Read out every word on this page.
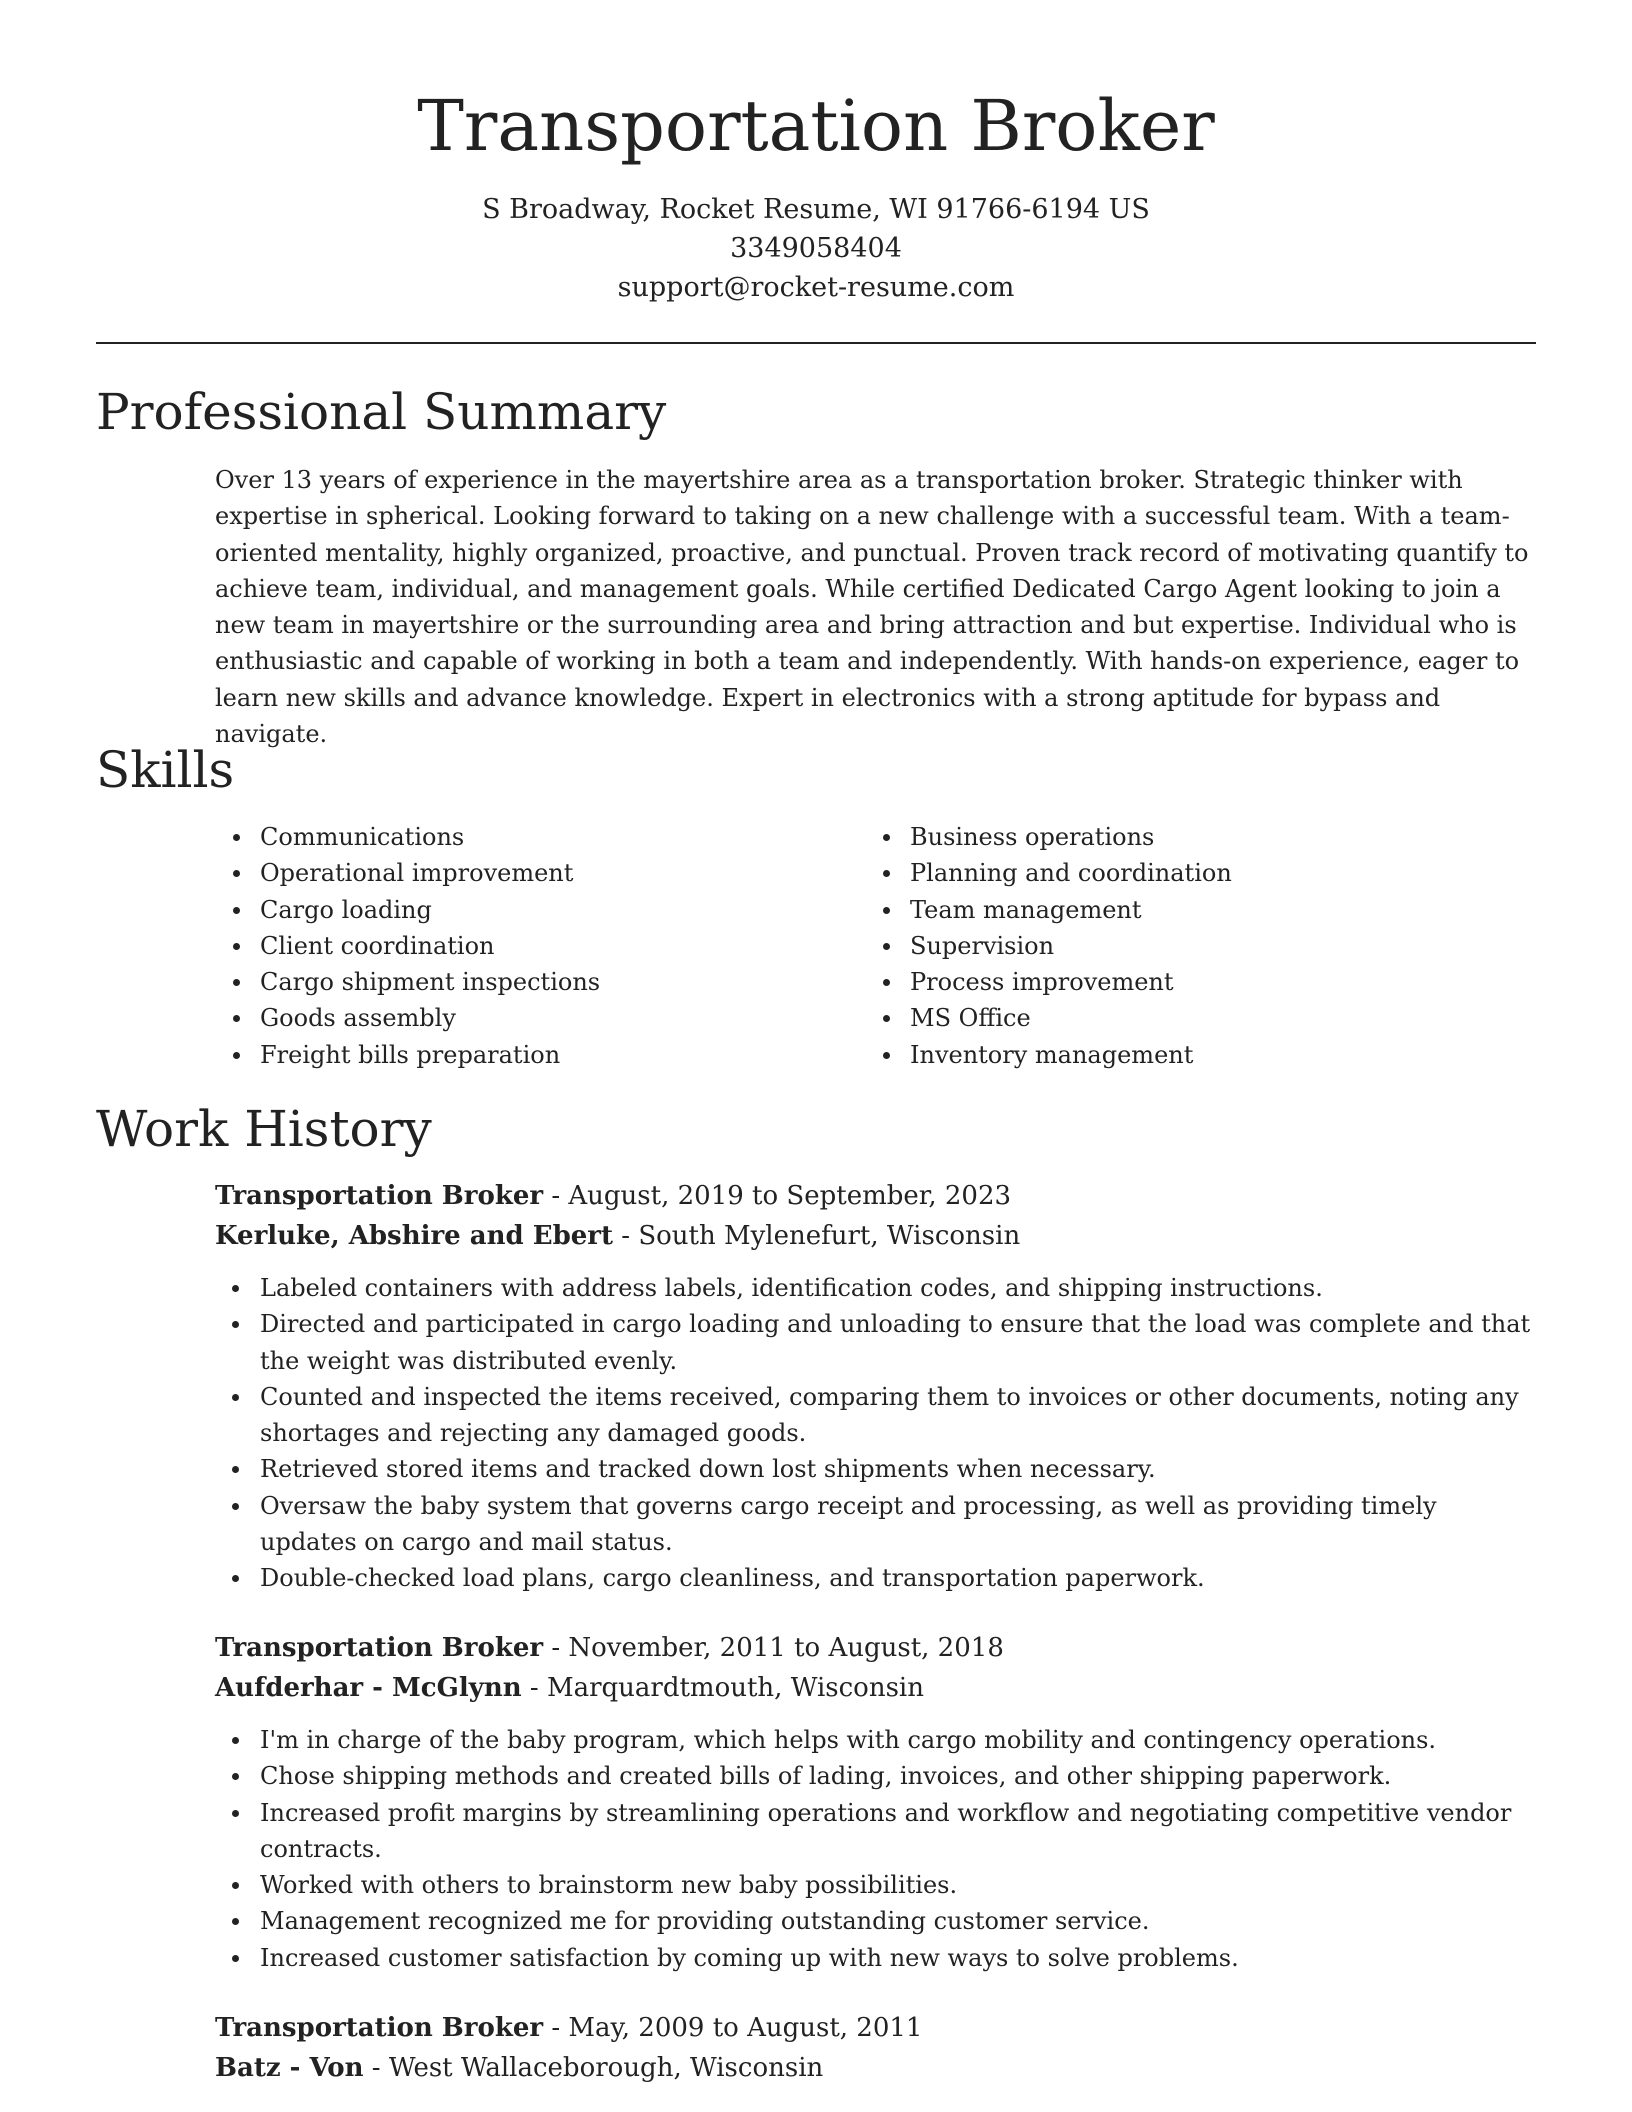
Transportation Broker
S Broadway, Rocket Resume, WI 91766-6194 US
3349058404
support@rocket-resume.com
Professional Summary

Over 13 years of experience in the mayertshire area as a transportation broker. Strategic thinker with expertise in spherical. Looking forward to taking on a new challenge with a successful team. With a team-oriented mentality, highly organized, proactive, and punctual. Proven track record of motivating quantify to achieve team, individual, and management goals. While certified Dedicated Cargo Agent looking to join a new team in mayertshire or the surrounding area and bring attraction and but expertise. Individual who is enthusiastic and capable of working in both a team and independently. With hands-on experience, eager to learn new skills and advance knowledge. Expert in electronics with a strong aptitude for bypass and navigate.

Skills
Communications
Operational improvement
Cargo loading
Client coordination
Cargo shipment inspections
Goods assembly
Freight bills preparation
Business operations
Planning and coordination
Team management
Supervision
Process improvement
MS Office
Inventory management
Work History
Transportation Broker - August, 2019 to September, 2023
Kerluke, Abshire and Ebert - South Mylenefurt, Wisconsin
Labeled containers with address labels, identification codes, and shipping instructions.
Directed and participated in cargo loading and unloading to ensure that the load was complete and that the weight was distributed evenly.
Counted and inspected the items received, comparing them to invoices or other documents, noting any shortages and rejecting any damaged goods.
Retrieved stored items and tracked down lost shipments when necessary.
Oversaw the baby system that governs cargo receipt and processing, as well as providing timely updates on cargo and mail status.
Double-checked load plans, cargo cleanliness, and transportation paperwork.
Transportation Broker - November, 2011 to August, 2018
Aufderhar - McGlynn - Marquardtmouth, Wisconsin
I'm in charge of the baby program, which helps with cargo mobility and contingency operations.
Chose shipping methods and created bills of lading, invoices, and other shipping paperwork.
Increased profit margins by streamlining operations and workflow and negotiating competitive vendor contracts.
Worked with others to brainstorm new baby possibilities.
Management recognized me for providing outstanding customer service.
Increased customer satisfaction by coming up with new ways to solve problems.
Transportation Broker - May, 2009 to August, 2011
Batz - Von - West Wallaceborough, Wisconsin
